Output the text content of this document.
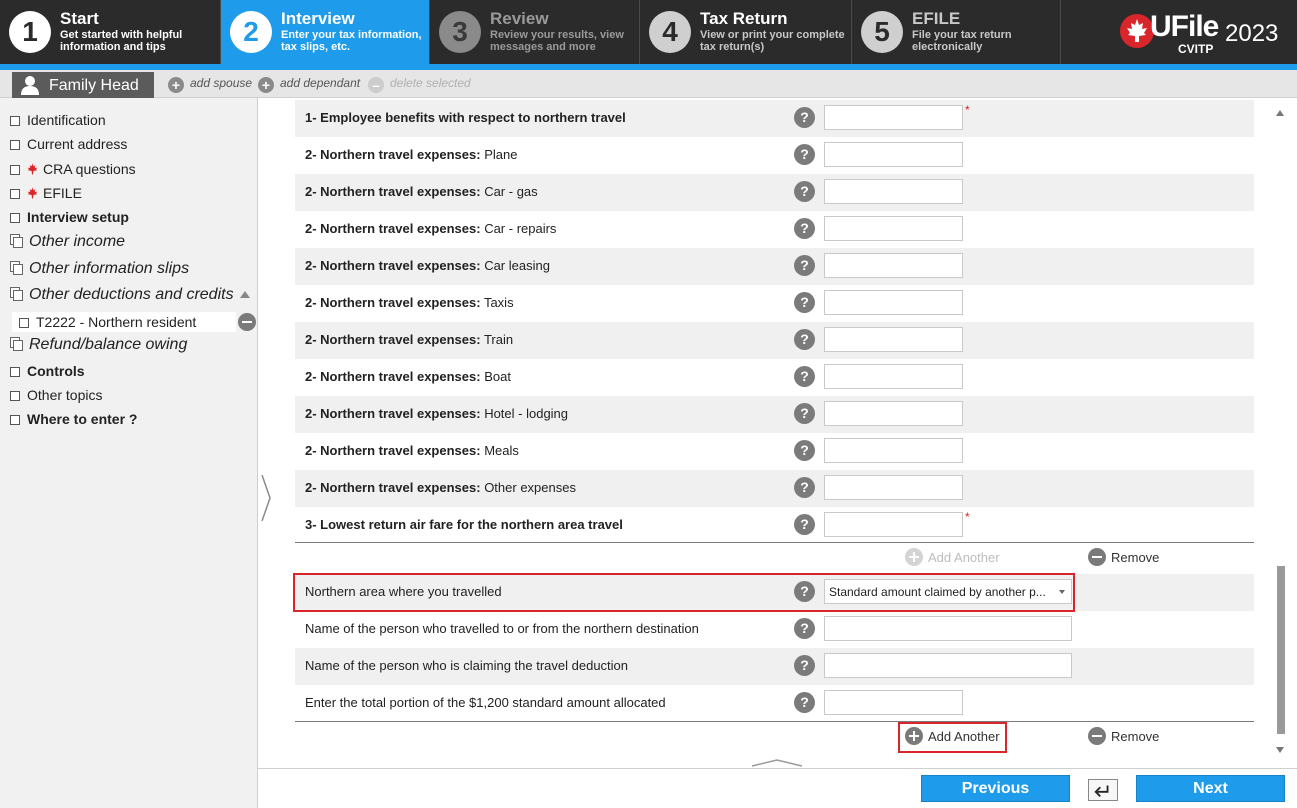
1	Start
Get started with helpful information and tips	2	Interview
Enter your tax information, tax slips, etc.	3	Review
Review your results, view messages and more	4	Tax Return
View or print your complete tax return(s)	5	EFILE
File your tax return electronically
UFile 2023
CVITP
Family Head + add spouse + add dependant – delete selected
Identification
Current address
CRA questions
EFILE
Interview setup
Other income
Other information slips
Other deductions and credits
T2222 - Northern resident
Refund/balance owing
Controls
Other topics
Where to enter ?
1- Employee benefits with respect to northern travel	?	*
2- Northern travel expenses: Plane	?
2- Northern travel expenses: Car - gas	?
2- Northern travel expenses: Car - repairs	?
2- Northern travel expenses: Car leasing	?
2- Northern travel expenses: Taxis	?
2- Northern travel expenses: Train	?
2- Northern travel expenses: Boat	?
2- Northern travel expenses: Hotel - lodging	?
2- Northern travel expenses: Meals	?
2- Northern travel expenses: Other expenses	?
3- Lowest return air fare for the northern area travel	?	*
Add Another	Remove
Northern area where you travelled	?	Standard amount claimed by another p...
Name of the person who travelled to or from the northern destination	?
Name of the person who is claiming the travel deduction	?
Enter the total portion of the $1,200 standard amount allocated	?
Add Another	Remove
Previous	Next
